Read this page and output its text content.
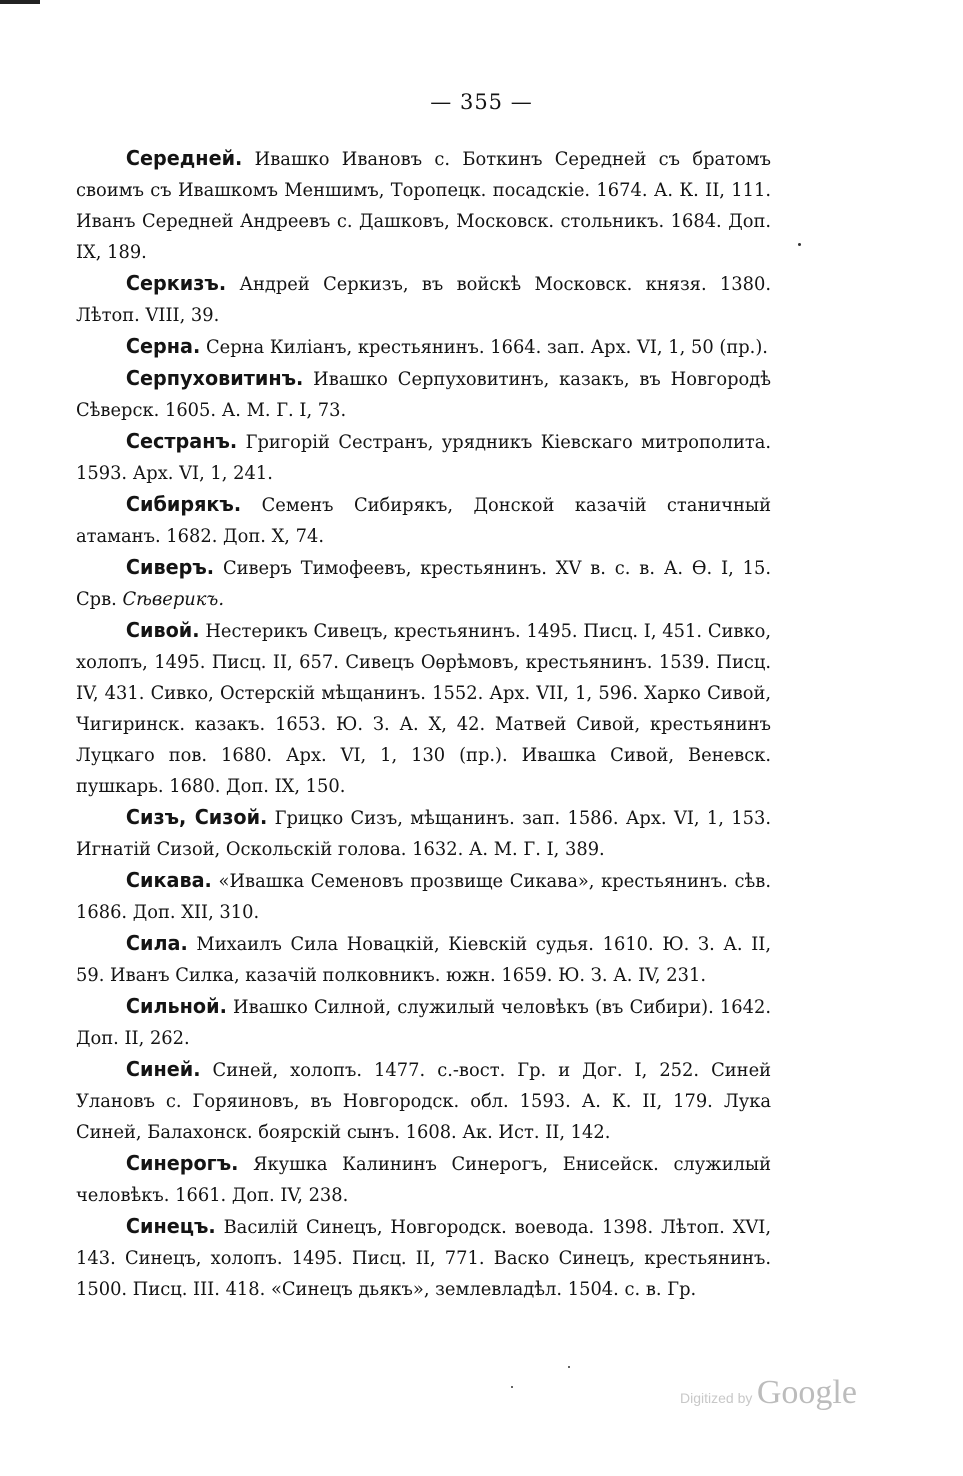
— 355 —

Середней. Ивашко Ивановъ с. Боткинъ Середней съ братомъ своимъ съ Ивашкомъ Меншимъ, Торопецк. посадскіе. 1674. А. К. II, 111. Иванъ Середней Андреевъ с. Дашковъ, Московск. стольникъ. 1684. Доп. IX, 189.

Серкизъ. Андрей Серкизъ, въ войскѣ Московск. князя. 1380. Лѣтоп. VIII, 39.

Серна. Серна Киліанъ, крестьянинъ. 1664. зап. Арх. VI, 1, 50 (пр.).

Серпуховитинъ. Ивашко Серпуховитинъ, казакъ, въ Новгородѣ Сѣверск. 1605. А. М. Г. I, 73.

Сестранъ. Григорій Сестранъ, урядникъ Кіевскаго митрополита. 1593. Арх. VI, 1, 241.

Сибирякъ. Семенъ Сибирякъ, Донской казачій станичный атаманъ. 1682. Доп. X, 74.

Сиверъ. Сиверъ Тимофеевъ, крестьянинъ. XV в. с. в. А. Ѳ. I, 15. Срв. Сѣверикъ.

Сивой. Нестерикъ Сивецъ, крестьянинъ. 1495. Писц. I, 451. Сивко, холопъ, 1495. Писц. II, 657. Сивецъ Оѳрѣмовъ, крестьянинъ. 1539. Писц. IV, 431. Сивко, Остерскій мѣщанинъ. 1552. Арх. VII, 1, 596. Харко Сивой, Чигиринск. казакъ. 1653. Ю. З. А. X, 42. Матвей Сивой, крестьянинъ Луцкаго пов. 1680. Арх. VI, 1, 130 (пр.). Ивашка Сивой, Веневск. пушкарь. 1680. Доп. IX, 150.

Сизъ, Сизой. Грицко Сизъ, мѣщанинъ. зап. 1586. Арх. VI, 1, 153. Игнатій Сизой, Оскольскій голова. 1632. А. М. Г. I, 389.

Сикава. «Ивашка Семеновъ прозвище Сикава», крестьянинъ. сѣв. 1686. Доп. XII, 310.

Сила. Михаилъ Сила Новацкій, Кіевскій судья. 1610. Ю. З. А. II, 59. Иванъ Силка, казачій полковникъ. южн. 1659. Ю. З. А. IV, 231.

Сильной. Ивашко Силной, служилый человѣкъ (въ Сибири). 1642. Доп. II, 262.

Синей. Синей, холопъ. 1477. с.-вост. Гр. и Дог. I, 252. Синей Улановъ с. Горяиновъ, въ Новгородск. обл. 1593. А. К. II, 179. Лука Синей, Балахонск. боярскій сынъ. 1608. Ак. Ист. II, 142.

Синерогъ. Якушка Калининъ Синерогъ, Енисейск. служилый человѣкъ. 1661. Доп. IV, 238.

Синецъ. Василій Синецъ, Новгородск. воевода. 1398. Лѣтоп. XVI, 143. Синецъ, холопъ. 1495. Писц. II, 771. Васко Синецъ, крестьянинъ. 1500. Писц. III. 418. «Синецъ дьякъ», землевладѣл. 1504. с. в. Гр.

Digitized by Google
